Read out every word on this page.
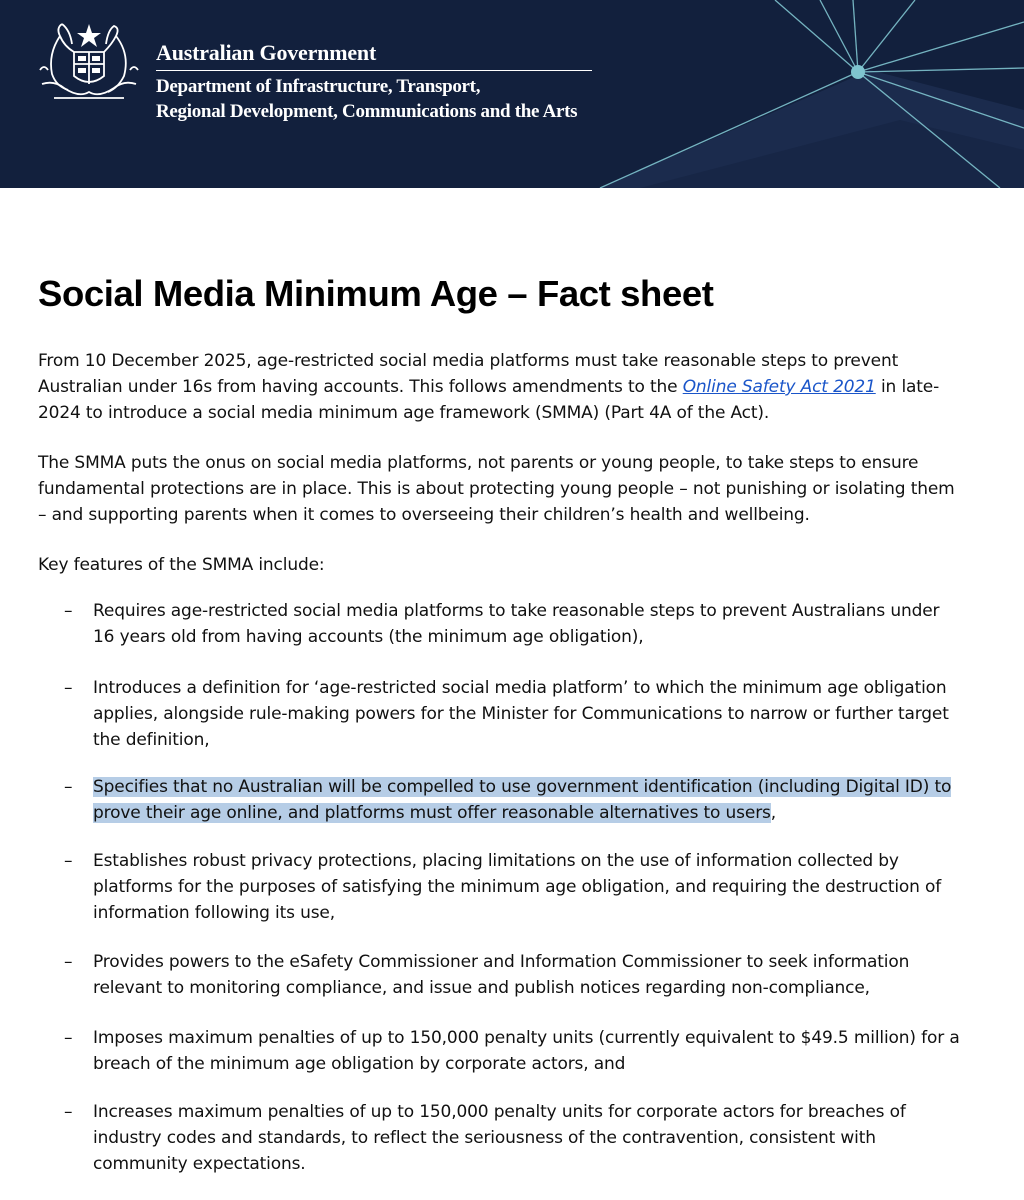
Australian Government
Department of Infrastructure, Transport,
Regional Development, Communications and the Arts
Social Media Minimum Age – Fact sheet

From 10 December 2025, age-restricted social media platforms must take reasonable steps to prevent
Australian under 16s from having accounts. This follows amendments to the Online Safety Act 2021 in late-
2024 to introduce a social media minimum age framework (SMMA) (Part 4A of the Act).

The SMMA puts the onus on social media platforms, not parents or young people, to take steps to ensure
fundamental protections are in place. This is about protecting young people – not punishing or isolating them
– and supporting parents when it comes to overseeing their children’s health and wellbeing.

Key features of the SMMA include:

– Requires age-restricted social media platforms to take reasonable steps to prevent Australians under
16 years old from having accounts (the minimum age obligation),
– Introduces a definition for ‘age-restricted social media platform’ to which the minimum age obligation
applies, alongside rule-making powers for the Minister for Communications to narrow or further target
the definition,
– Specifies that no Australian will be compelled to use government identification (including Digital ID) to
prove their age online, and platforms must offer reasonable alternatives to users,
– Establishes robust privacy protections, placing limitations on the use of information collected by
platforms for the purposes of satisfying the minimum age obligation, and requiring the destruction of
information following its use,
– Provides powers to the eSafety Commissioner and Information Commissioner to seek information
relevant to monitoring compliance, and issue and publish notices regarding non-compliance,
– Imposes maximum penalties of up to 150,000 penalty units (currently equivalent to $49.5 million) for a
breach of the minimum age obligation by corporate actors, and
– Increases maximum penalties of up to 150,000 penalty units for corporate actors for breaches of
industry codes and standards, to reflect the seriousness of the contravention, consistent with
community expectations.
